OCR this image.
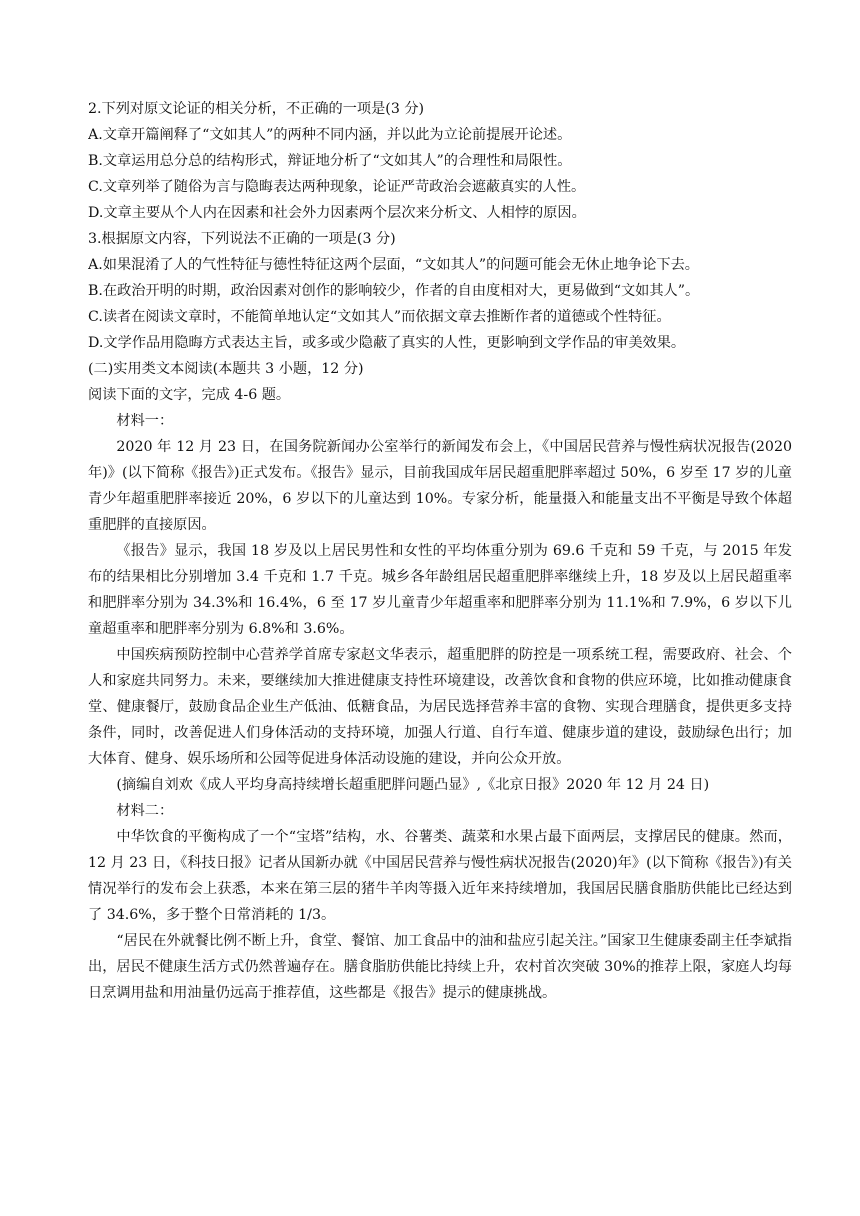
2.下列对原文论证的相关分析，不正确的一项是(3 分)
A.文章开篇阐释了“文如其人”的两种不同内涵，并以此为立论前提展开论述。
B.文章运用总分总的结构形式，辩证地分析了“文如其人”的合理性和局限性。
C.文章列举了随俗为言与隐晦表达两种现象，论证严苛政治会遮蔽真实的人性。
D.文章主要从个人内在因素和社会外力因素两个层次来分析文、人相悖的原因。
3.根据原文内容，下列说法不正确的一项是(3 分)
A.如果混淆了人的气性特征与德性特征这两个层面，“文如其人”的问题可能会无休止地争论下去。
B.在政治开明的时期，政治因素对创作的影响较少，作者的自由度相对大，更易做到“文如其人”。
C.读者在阅读文章时，不能简单地认定“文如其人”而依据文章去推断作者的道德或个性特征。
D.文学作品用隐晦方式表达主旨，或多或少隐蔽了真实的人性，更影响到文学作品的审美效果。
(二)实用类文本阅读(本题共 3 小题，12 分)
阅读下面的文字，完成 4-6 题。
材料一：

2020 年 12 月 23 日，在国务院新闻办公室举行的新闻发布会上，《中国居民营养与慢性病状况报告(2020 年)》(以下简称《报告》)正式发布。《报告》显示，目前我国成年居民超重肥胖率超过 50%，6 岁至 17 岁的儿童青少年超重肥胖率接近 20%，6 岁以下的儿童达到 10%。专家分析，能量摄入和能量支出不平衡是导致个体超重肥胖的直接原因。

《报告》显示，我国 18 岁及以上居民男性和女性的平均体重分别为 69.6 千克和 59 千克，与 2015 年发布的结果相比分别增加 3.4 千克和 1.7 千克。城乡各年龄组居民超重肥胖率继续上升，18 岁及以上居民超重率和肥胖率分别为 34.3%和 16.4%，6 至 17 岁儿童青少年超重率和肥胖率分别为 11.1%和 7.9%，6 岁以下儿童超重率和肥胖率分别为 6.8%和 3.6%。

中国疾病预防控制中心营养学首席专家赵文华表示，超重肥胖的防控是一项系统工程，需要政府、社会、个人和家庭共同努力。未来，要继续加大推进健康支持性环境建设，改善饮食和食物的供应环境，比如推动健康食堂、健康餐厅，鼓励食品企业生产低油、低糖食品，为居民选择营养丰富的食物、实现合理膳食，提供更多支持条件，同时，改善促进人们身体活动的支持环境，加强人行道、自行车道、健康步道的建设，鼓励绿色出行；加大体育、健身、娱乐场所和公园等促进身体活动设施的建设，并向公众开放。

(摘编自刘欢《成人平均身高持续增长超重肥胖问题凸显》,《北京日报》2020 年 12 月 24 日)
材料二：

中华饮食的平衡构成了一个“宝塔”结构，水、谷薯类、蔬菜和水果占最下面两层，支撑居民的健康。然而，12 月 23 日，《科技日报》记者从国新办就《中国居民营养与慢性病状况报告(2020)年》(以下简称《报告》)有关情况举行的发布会上获悉，本来在第三层的猪牛羊肉等摄入近年来持续增加，我国居民膳食脂肪供能比已经达到了 34.6%，多于整个日常消耗的 1/3。

“居民在外就餐比例不断上升，食堂、餐馆、加工食品中的油和盐应引起关注。”国家卫生健康委副主任李斌指出，居民不健康生活方式仍然普遍存在。膳食脂肪供能比持续上升，农村首次突破 30%的推荐上限，家庭人均每日烹调用盐和用油量仍远高于推荐值，这些都是《报告》提示的健康挑战。
